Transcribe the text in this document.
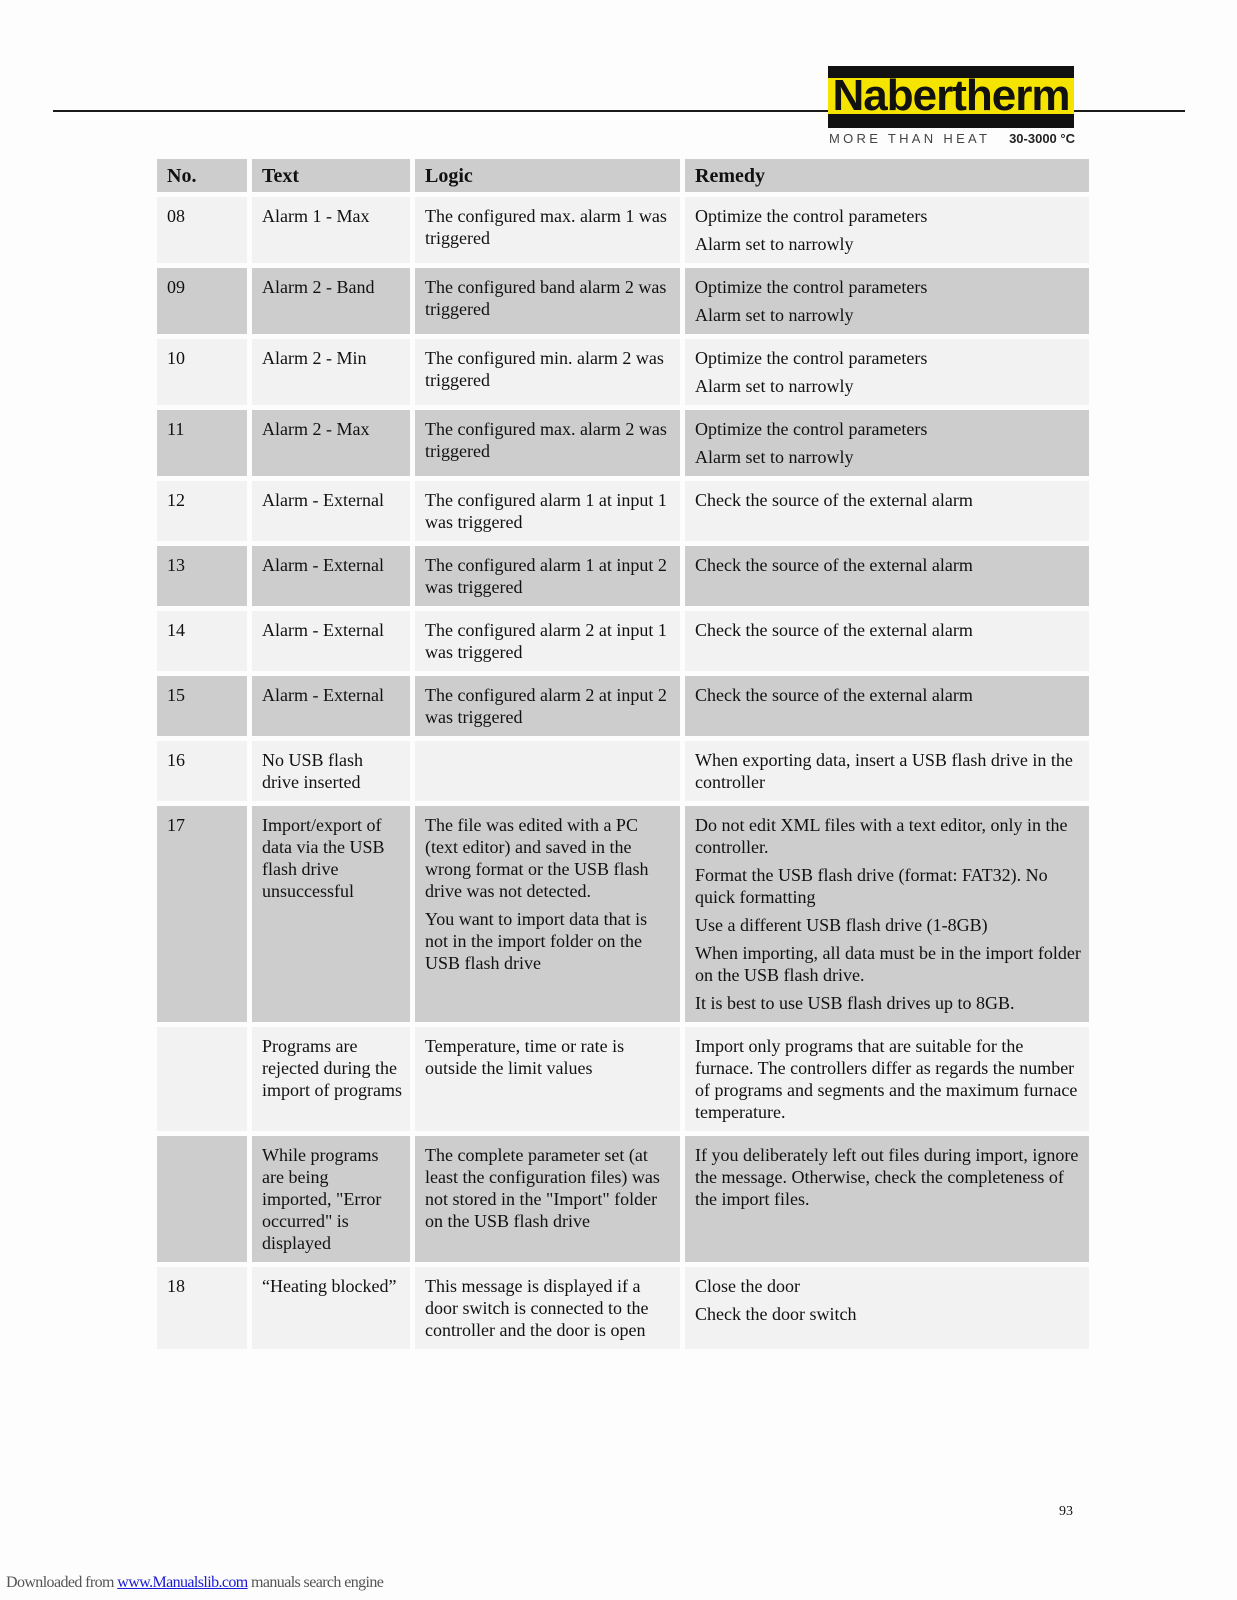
Nabertherm
MORE THAN HEAT 30-3000 °C
No.	Text	Logic	Remedy
08	Alarm 1 - Max	The configured max. alarm 1 was triggered	Optimize the control parameters
Alarm set to narrowly

09	Alarm 2 - Band	The configured band alarm 2 was triggered	Optimize the control parameters
Alarm set to narrowly

10	Alarm 2 - Min	The configured min. alarm 2 was triggered	Optimize the control parameters
Alarm set to narrowly

11	Alarm 2 - Max	The configured max. alarm 2 was triggered	Optimize the control parameters
Alarm set to narrowly

12	Alarm - External	The configured alarm 1 at input 1 was triggered	Check the source of the external alarm

13	Alarm - External	The configured alarm 1 at input 2 was triggered	Check the source of the external alarm

14	Alarm - External	The configured alarm 2 at input 1 was triggered	Check the source of the external alarm

15	Alarm - External	The configured alarm 2 at input 2 was triggered	Check the source of the external alarm

16	No USB flash drive inserted		When exporting data, insert a USB flash drive in the controller

17	Import/export of data via the USB flash drive unsuccessful	The file was edited with a PC (text editor) and saved in the wrong format or the USB flash drive was not detected.
You want to import data that is not in the import folder on the USB flash drive	Do not edit XML files with a text editor, only in the controller.
Format the USB flash drive (format: FAT32). No quick formatting
Use a different USB flash drive (1-8GB)
When importing, all data must be in the import folder on the USB flash drive.
It is best to use USB flash drives up to 8GB.

	Programs are rejected during the import of programs	Temperature, time or rate is outside the limit values	Import only programs that are suitable for the furnace. The controllers differ as regards the number of programs and segments and the maximum furnace temperature.

	While programs are being imported, "Error occurred" is displayed	The complete parameter set (at least the configuration files) was not stored in the "Import" folder on the USB flash drive	If you deliberately left out files during import, ignore the message. Otherwise, check the completeness of the import files.

18	“Heating blocked”	This message is displayed if a door switch is connected to the controller and the door is open	Close the door
Check the door switch
93
Downloaded from www.Manualslib.com manuals search engine
